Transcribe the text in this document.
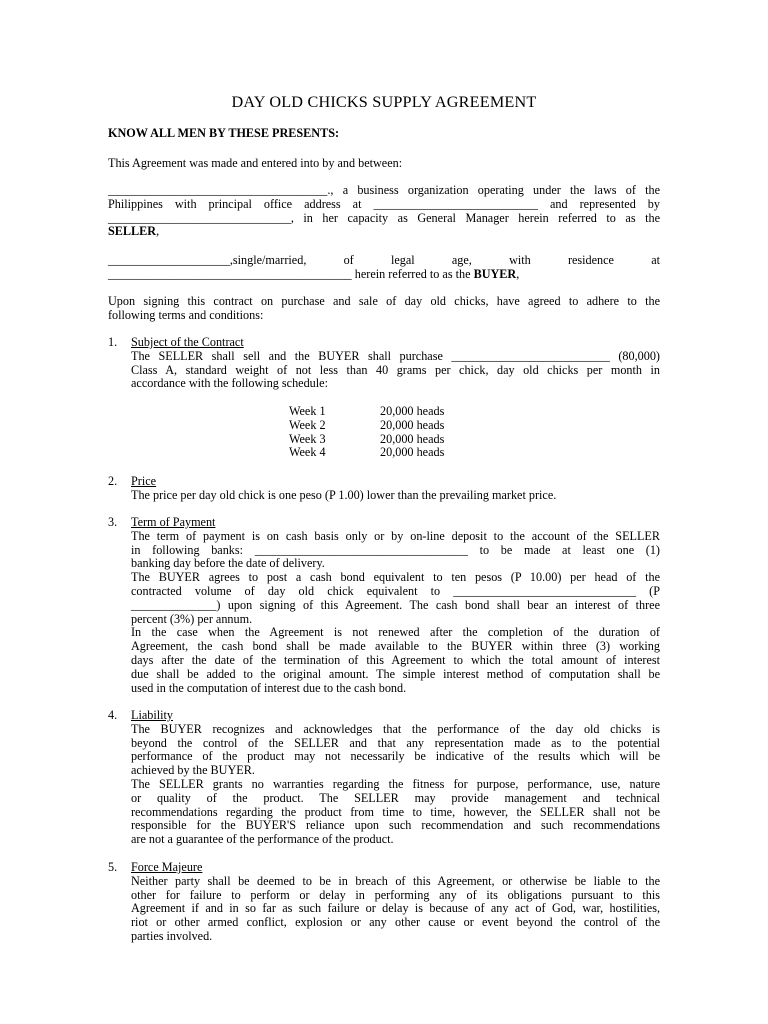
DAY OLD CHICKS SUPPLY AGREEMENT
KNOW ALL MEN BY THESE PRESENTS:
This Agreement was made and entered into by and between:

____________________________________., a business organization operating under the laws of the

Philippines with principal office address at ___________________________ and represented by

______________________________, in her capacity as General Manager herein referred to as the

SELLER,

____________________,single/married, of legal age, with residence at

________________________________________ herein referred to as the BUYER,

Upon signing this contract on purchase and sale of day old chicks, have agreed to adhere to the

following terms and conditions:

1. Subject of the Contract

The SELLER shall sell and the BUYER shall purchase __________________________ (80,000)

Class A, standard weight of not less than 40 grams per chick, day old chicks per month in

accordance with the following schedule:

Week 1	20,000 heads
Week 2	20,000 heads
Week 3	20,000 heads
Week 4	20,000 heads
2. Price

The price per day old chick is one peso (P 1.00) lower than the prevailing market price.

3. Term of Payment

The term of payment is on cash basis only or by on-line deposit to the account of the SELLER

in following banks: ___________________________________ to be made at least one (1)

banking day before the date of delivery.

The BUYER agrees to post a cash bond equivalent to ten pesos (P 10.00) per head of the

contracted volume of day old chick equivalent to ______________________________ (P

______________) upon signing of this Agreement. The cash bond shall bear an interest of three

percent (3%) per annum.

In the case when the Agreement is not renewed after the completion of the duration of

Agreement, the cash bond shall be made available to the BUYER within three (3) working

days after the date of the termination of this Agreement to which the total amount of interest

due shall be added to the original amount. The simple interest method of computation shall be

used in the computation of interest due to the cash bond.

4. Liability

The BUYER recognizes and acknowledges that the performance of the day old chicks is

beyond the control of the SELLER and that any representation made as to the potential

performance of the product may not necessarily be indicative of the results which will be

achieved by the BUYER.

The SELLER grants no warranties regarding the fitness for purpose, performance, use, nature

or quality of the product. The SELLER may provide management and technical

recommendations regarding the product from time to time, however, the SELLER shall not be

responsible for the BUYER'S reliance upon such recommendation and such recommendations

are not a guarantee of the performance of the product.

5. Force Majeure

Neither party shall be deemed to be in breach of this Agreement, or otherwise be liable to the

other for failure to perform or delay in performing any of its obligations pursuant to this

Agreement if and in so far as such failure or delay is because of any act of God, war, hostilities,

riot or other armed conflict, explosion or any other cause or event beyond the control of the

parties involved.
